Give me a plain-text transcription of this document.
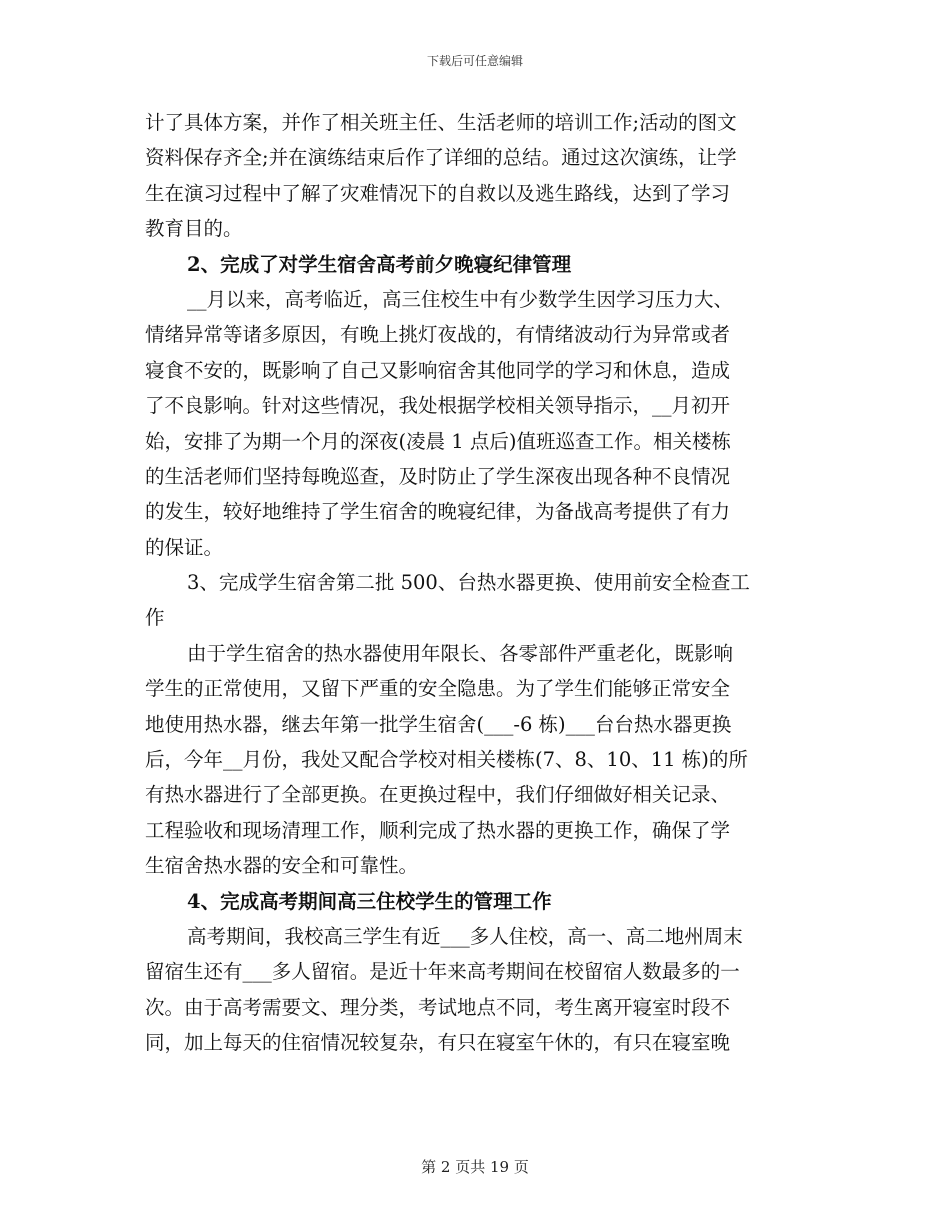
下载后可任意编辑
计了具体方案，并作了相关班主任、生活老师的培训工作;活动的图文
资料保存齐全;并在演练结束后作了详细的总结。通过这次演练，让学
生在演习过程中了解了灾难情况下的自救以及逃生路线，达到了学习
教育目的。
2、完成了对学生宿舍高考前夕晚寝纪律管理
__月以来，高考临近，高三住校生中有少数学生因学习压力大、
情绪异常等诸多原因，有晚上挑灯夜战的，有情绪波动行为异常或者
寝食不安的，既影响了自己又影响宿舍其他同学的学习和休息，造成
了不良影响。针对这些情况，我处根据学校相关领导指示，__月初开
始，安排了为期一个月的深夜(凌晨 1 点后)值班巡查工作。相关楼栋
的生活老师们坚持每晚巡查，及时防止了学生深夜出现各种不良情况
的发生，较好地维持了学生宿舍的晚寝纪律，为备战高考提供了有力
的保证。
3、完成学生宿舍第二批 500、台热水器更换、使用前安全检查工
作
由于学生宿舍的热水器使用年限长、各零部件严重老化，既影响
学生的正常使用，又留下严重的安全隐患。为了学生们能够正常安全
地使用热水器，继去年第一批学生宿舍(___-6 栋)___台台热水器更换
后，今年__月份，我处又配合学校对相关楼栋(7、8、10、11 栋)的所
有热水器进行了全部更换。在更换过程中，我们仔细做好相关记录、
工程验收和现场清理工作，顺利完成了热水器的更换工作，确保了学
生宿舍热水器的安全和可靠性。
4、完成高考期间高三住校学生的管理工作
高考期间，我校高三学生有近___多人住校，高一、高二地州周末
留宿生还有___多人留宿。是近十年来高考期间在校留宿人数最多的一
次。由于高考需要文、理分类，考试地点不同，考生离开寝室时段不
同，加上每天的住宿情况较复杂，有只在寝室午休的，有只在寝室晚
第 2 页共 19 页
